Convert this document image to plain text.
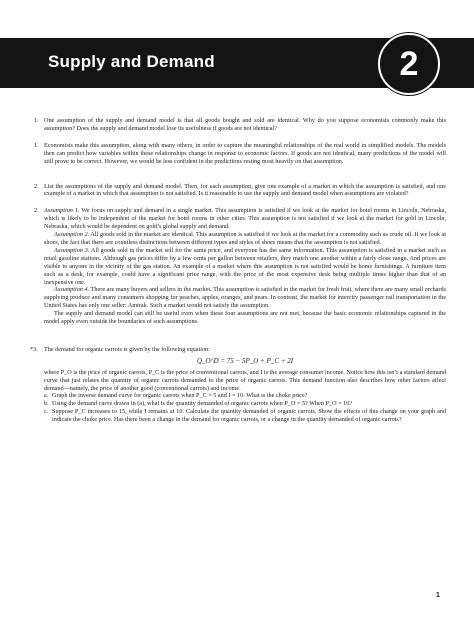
Supply and Demand	2
1. One assumption of the supply and demand model is that all goods bought and sold are identical. Why do you suppose economists commonly make this assumption? Does the supply and demand model lose its usefulness if goods are not identical?

1. Economists make this assumption, along with many others, in order to capture the meaningful relationships of the real world in simplified models. The models then can predict how variables within these relationships change in response to economic factors. If goods are not identical, many predictions of the model will still prove to be correct. However, we would be less confident in the predictions resting most heavily on that assumption.

2. List the assumptions of the supply and demand model. Then, for each assumption, give one example of a market in which the assumption is satisfied, and one example of a market in which that assumption is not satisfied. Is it reasonable to use the supply and demand model when assumptions are violated?

2. Assumption 1. We focus on supply and demand in a single market. This assumption is satisfied if we look at the market for hotel rooms in Lincoln, Nebraska, which is likely to be independent of the market for hotel rooms in other cities. This assumption is not satisfied if we look at the market for gold in Lincoln, Nebraska, which would be dependent on gold’s global supply and demand.

Assumption 2. All goods sold in the market are identical. This assumption is satisfied if we look at the market for a commodity such as crude oil. If we look at shoes, the fact that there are countless distinctions between different types and styles of shoes means that the assumption is not satisfied.

Assumption 3. All goods sold in the market sell for the same price, and everyone has the same information. This assumption is satisfied in a market such as retail gasoline stations. Although gas prices differ by a few cents per gallon between retailers, they match one another within a fairly close range. And prices are visible to anyone in the vicinity of the gas station. An example of a market where this assumption is not satisfied would be home furnishings. A furniture item such as a desk, for example, could have a significant price range, with the price of the most expensive desk being multiple times higher than that of an inexpensive one.

Assumption 4. There are many buyers and sellers in the market. This assumption is satisfied in the market for fresh fruit, where there are many small orchards supplying produce and many consumers shopping for peaches, apples, oranges, and pears. In contrast, the market for intercity passenger rail transportation in the United States has only one seller: Amtrak. Such a market would not satisfy the assumption.

The supply and demand model can still be useful even when these four assumptions are not met, because the basic economic relationships captured in the model apply even outside the boundaries of such assumptions.

*3. The demand for organic carrots is given by the following equation:

Q_O^D = 75 − 5P_O + P_C + 2I

where P_O is the price of organic carrots, P_C is the price of conventional carrots, and I is the average consumer income. Notice how this isn’t a standard demand curve that just relates the quantity of organic carrots demanded to the price of organic carrots. This demand function also describes how other factors affect demand—namely, the price of another good (conventional carrots) and income.

a. Graph the inverse demand curve for organic carrots when P_C = 5 and I = 10. What is the choke price?

b. Using the demand curve drawn in (a), what is the quantity demanded of organic carrots when P_O = 5? When P_O = 10?

c. Suppose P_C increases to 15, while I remains at 10. Calculate the quantity demanded of organic carrots. Show the effects of this change on your graph and indicate the choke price. Has there been a change in the demand for organic carrots, or a change in the quantity demanded of organic carrots?

1
